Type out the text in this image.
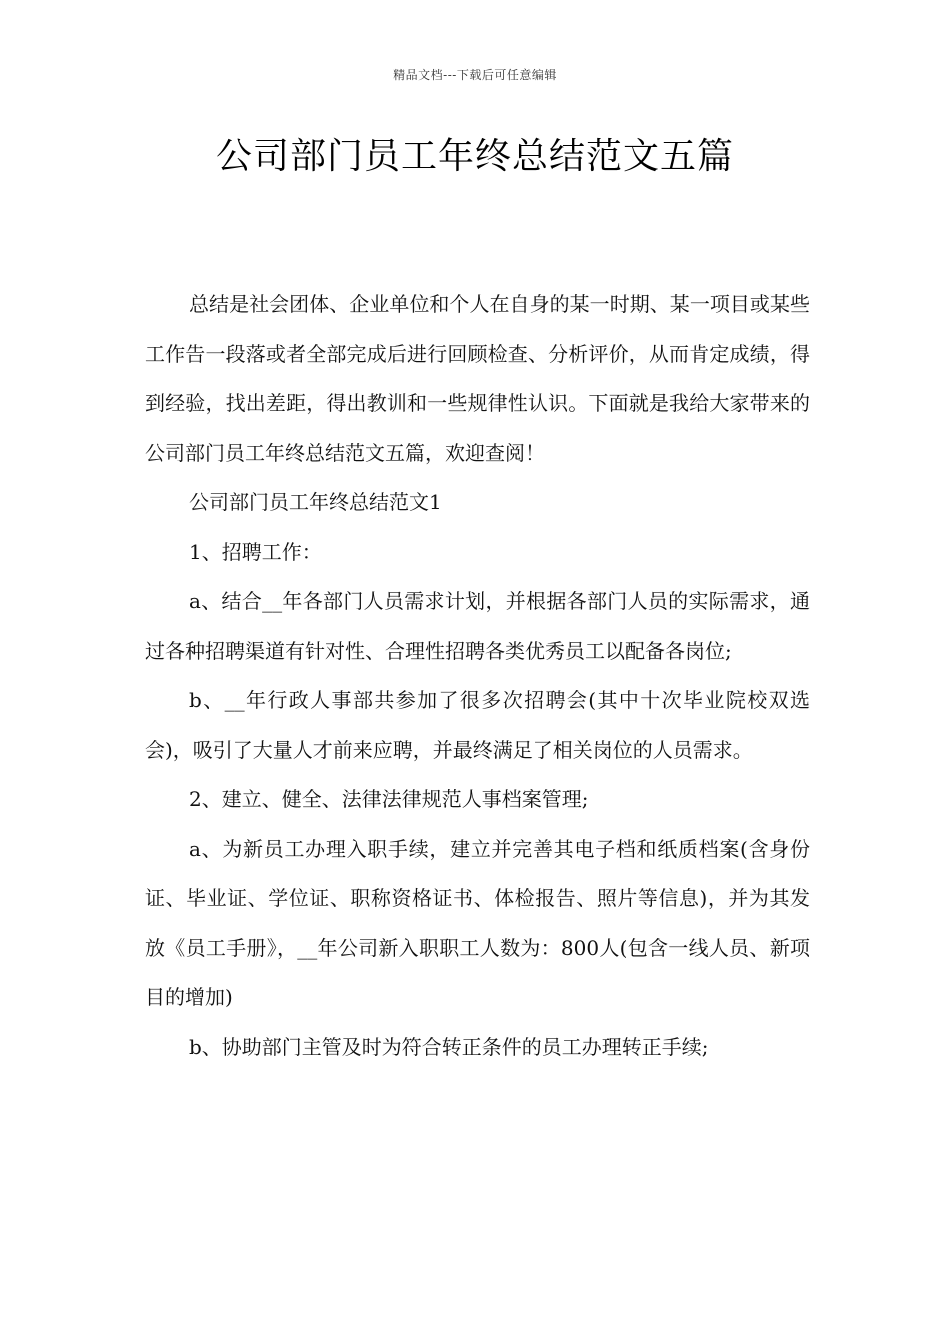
精品文档---下载后可任意编辑
公司部门员工年终总结范文五篇

总结是社会团体、企业单位和个人在自身的某一时期、某一项目或某些工作告一段落或者全部完成后进行回顾检查、分析评价，从而肯定成绩，得到经验，找出差距，得出教训和一些规律性认识。下面就是我给大家带来的公司部门员工年终总结范文五篇，欢迎查阅！

公司部门员工年终总结范文1

1、招聘工作：

a、结合__年各部门人员需求计划，并根据各部门人员的实际需求，通过各种招聘渠道有针对性、合理性招聘各类优秀员工以配备各岗位;

b、__年行政人事部共参加了很多次招聘会(其中十次毕业院校双选会)，吸引了大量人才前来应聘，并最终满足了相关岗位的人员需求。

2、建立、健全、法律法律规范人事档案管理;

a、为新员工办理入职手续，建立并完善其电子档和纸质档案(含身份证、毕业证、学位证、职称资格证书、体检报告、照片等信息)，并为其发放《员工手册》，__年公司新入职职工人数为：800人(包含一线人员、新项目的增加)

b、协助部门主管及时为符合转正条件的员工办理转正手续;
